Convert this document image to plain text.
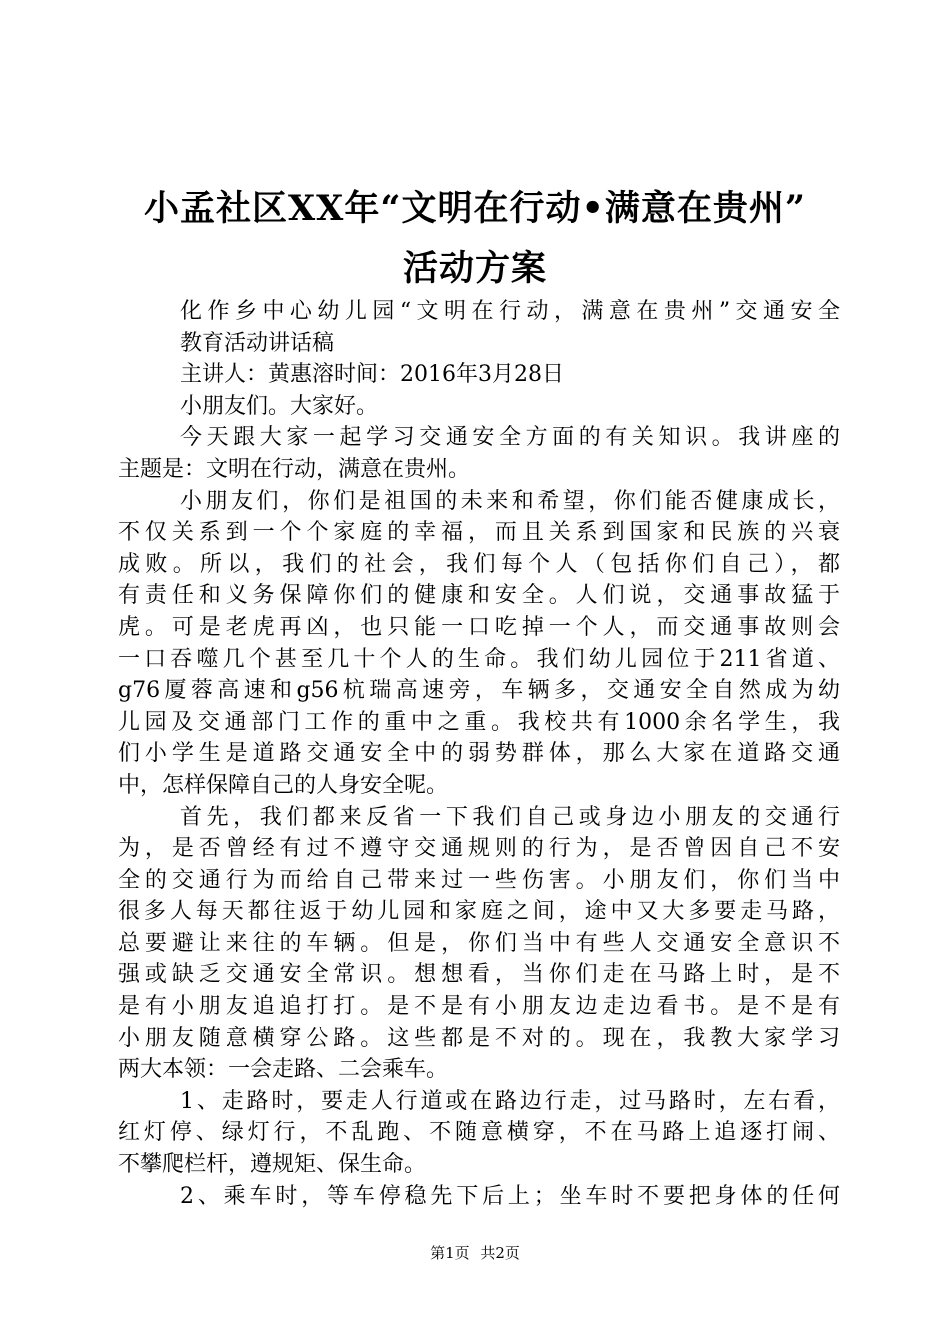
小孟社区XX年“文明在行动•满意在贵州”
活动方案
化作乡中心幼儿园“文明在行动，满意在贵州”交通安全
教育活动讲话稿
主讲人：黄惠溶时间：2016年3月28日
小朋友们。大家好。
今天跟大家一起学习交通安全方面的有关知识。我讲座的
主题是：文明在行动，满意在贵州。
小朋友们，你们是祖国的未来和希望，你们能否健康成长，
不仅关系到一个个家庭的幸福，而且关系到国家和民族的兴衰
成败。所以，我们的社会，我们每个人（包括你们自己），都
有责任和义务保障你们的健康和安全。人们说，交通事故猛于
虎。可是老虎再凶，也只能一口吃掉一个人，而交通事故则会
一口吞噬几个甚至几十个人的生命。我们幼儿园位于211省道、
g76厦蓉高速和g56杭瑞高速旁，车辆多，交通安全自然成为幼
儿园及交通部门工作的重中之重。我校共有1000余名学生，我
们小学生是道路交通安全中的弱势群体，那么大家在道路交通
中，怎样保障自己的人身安全呢。
首先，我们都来反省一下我们自己或身边小朋友的交通行
为，是否曾经有过不遵守交通规则的行为，是否曾因自己不安
全的交通行为而给自己带来过一些伤害。小朋友们，你们当中
很多人每天都往返于幼儿园和家庭之间，途中又大多要走马路，
总要避让来往的车辆。但是，你们当中有些人交通安全意识不
强或缺乏交通安全常识。想想看，当你们走在马路上时，是不
是有小朋友追追打打。是不是有小朋友边走边看书。是不是有
小朋友随意横穿公路。这些都是不对的。现在，我教大家学习
两大本领：一会走路、二会乘车。
1、走路时，要走人行道或在路边行走，过马路时，左右看，
红灯停、绿灯行，不乱跑、不随意横穿，不在马路上追逐打闹、
不攀爬栏杆，遵规矩、保生命。
2、乘车时，等车停稳先下后上；坐车时不要把身体的任何
第1页 共2页
